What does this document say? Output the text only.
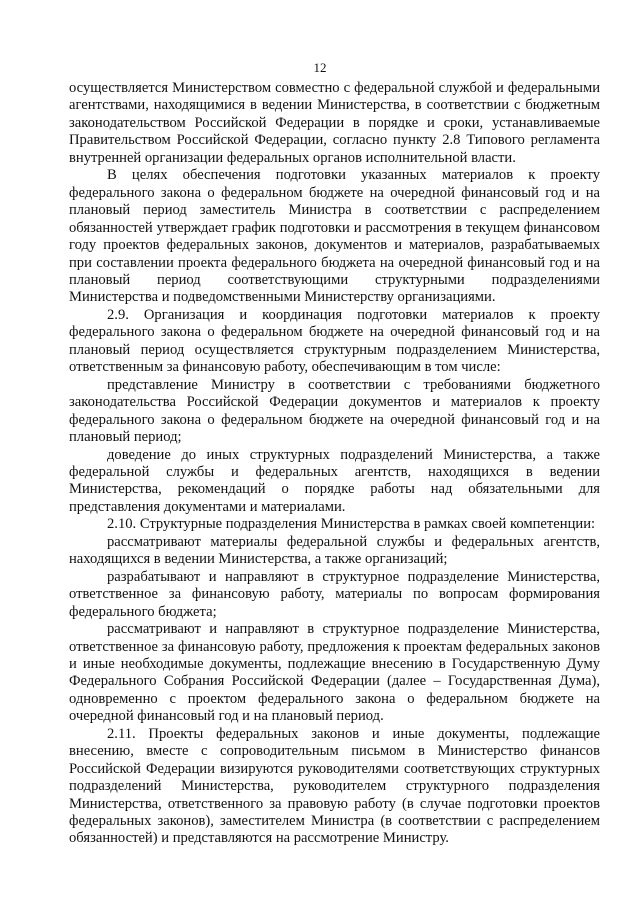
12

осуществляется Министерством совместно с федеральной службой и федеральными агентствами, находящимися в ведении Министерства, в соответствии с бюджетным законодательством Российской Федерации в порядке и сроки, устанавливаемые Правительством Российской Федерации, согласно пункту 2.8 Типового регламента внутренней организации федеральных органов исполнительной власти.

В целях обеспечения подготовки указанных материалов к проекту федерального закона о федеральном бюджете на очередной финансовый год и на плановый период заместитель Министра в соответствии с распределением обязанностей утверждает график подготовки и рассмотрения в текущем финансовом году проектов федеральных законов, документов и материалов, разрабатываемых при составлении проекта федерального бюджета на очередной финансовый год и на плановый период соответствующими структурными подразделениями Министерства и подведомственными Министерству организациями.

2.9. Организация и координация подготовки материалов к проекту федерального закона о федеральном бюджете на очередной финансовый год и на плановый период осуществляется структурным подразделением Министерства, ответственным за финансовую работу, обеспечивающим в том числе:

представление Министру в соответствии с требованиями бюджетного законодательства Российской Федерации документов и материалов к проекту федерального закона о федеральном бюджете на очередной финансовый год и на плановый период;

доведение до иных структурных подразделений Министерства, а также федеральной службы и федеральных агентств, находящихся в ведении Министерства, рекомендаций о порядке работы над обязательными для представления документами и материалами.

2.10. Структурные подразделения Министерства в рамках своей компетенции:

рассматривают материалы федеральной службы и федеральных агентств, находящихся в ведении Министерства, а также организаций;

разрабатывают и направляют в структурное подразделение Министерства, ответственное за финансовую работу, материалы по вопросам формирования федерального бюджета;

рассматривают и направляют в структурное подразделение Министерства, ответственное за финансовую работу, предложения к проектам федеральных законов и иные необходимые документы, подлежащие внесению в Государственную Думу Федерального Собрания Российской Федерации (далее – Государственная Дума), одновременно с проектом федерального закона о федеральном бюджете на очередной финансовый год и на плановый период.

2.11. Проекты федеральных законов и иные документы, подлежащие внесению, вместе с сопроводительным письмом в Министерство финансов Российской Федерации визируются руководителями соответствующих структурных подразделений Министерства, руководителем структурного подразделения Министерства, ответственного за правовую работу (в случае подготовки проектов федеральных законов), заместителем Министра (в соответствии с распределением обязанностей) и представляются на рассмотрение Министру.
